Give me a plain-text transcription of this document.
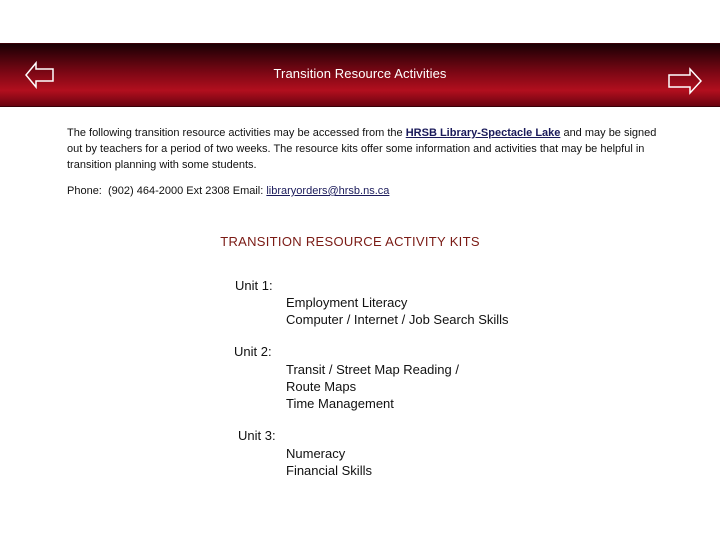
Transition Resource Activities
The following transition resource activities may be accessed from the HRSB Library-Spectacle Lake and may be signed out by teachers for a period of two weeks. The resource kits offer some information and activities that may be helpful in transition planning with some students.
Phone:  (902) 464-2000 Ext 2308 Email: libraryorders@hrsb.ns.ca
TRANSITION RESOURCE ACTIVITY KITS
Unit 1:
Employment Literacy
Computer / Internet / Job Search Skills
Unit 2:
Transit / Street Map Reading /
Route Maps
Time Management
Unit 3:
Numeracy
Financial Skills
